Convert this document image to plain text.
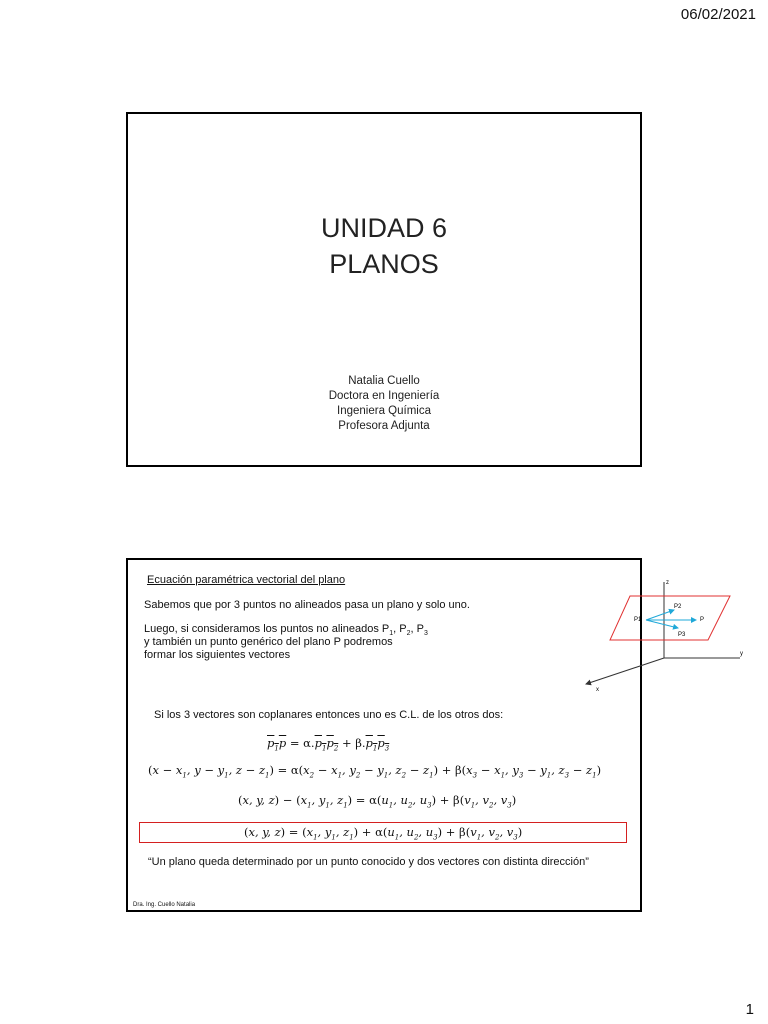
06/02/2021
UNIDAD 6
PLANOS
Natalia Cuello
Doctora en Ingeniería
Ingeniera Química
Profesora Adjunta
Ecuación paramétrica vectorial del plano
Sabemos que por 3 puntos no alineados pasa un plano y solo uno.
Luego, si consideramos los puntos no alineados $P_1$, $P_2$, $P_3$
y también un punto genérico del plano P podremos
formar los siguientes vectores
z
y
x
P1
P2
P3
P
Si los 3 vectores son coplanares entonces uno es C.L. de los otros dos:
$p_1p = \alpha.p_1p_2 + \beta.p_1p_3$
($x - x_1$, $y - y_1$, $z - z_1) = \alpha(x_2 - x_1$, $y_2 - y_1$, $z_2 - z_1) + \beta(x_3 - x_1$, $y_3 - y_1$, $z_3 - z_1$)
(x, y, $z) - (x_1$, $y_1$, $z_1) = \alpha(u_1$, $u_2$, $u_3) + \beta(v_1$, $v_2$, $v_3$)
(x, y, $z) = (x_1$, $y_1$, $z_1) + \alpha(u_1$, $u_2$, $u_3) + \beta(v_1$, $v_2$, $v_3$)
“Un plano queda determinado por un punto conocido y dos vectores con distinta dirección”
Dra. Ing. Cuello Natalia
1
